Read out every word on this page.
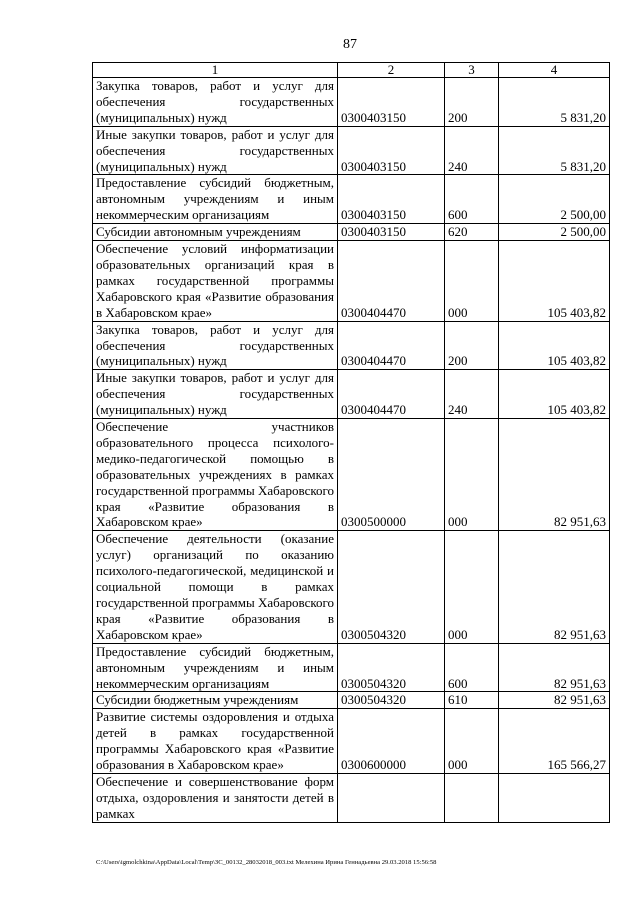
87
1	2	3	4
Закупка товаров, работ и услуг для обеспечения государственных (муниципальных) нужд	0300403150	200	5 831,20
Иные закупки товаров, работ и услуг для обеспечения государственных (муниципальных) нужд	0300403150	240	5 831,20
Предоставление субсидий бюджетным, автономным учреждениям и иным некоммерческим организациям	0300403150	600	2 500,00
Субсидии автономным учреждениям	0300403150	620	2 500,00
Обеспечение условий информатизации образовательных организаций края в рамках государственной программы Хабаровского края «Развитие образования в Хабаровском крае»	0300404470	000	105 403,82
Закупка товаров, работ и услуг для обеспечения государственных (муниципальных) нужд	0300404470	200	105 403,82
Иные закупки товаров, работ и услуг для обеспечения государственных (муниципальных) нужд	0300404470	240	105 403,82
Обеспечение участников образовательного процесса психолого-медико-педагогической помощью в образовательных учреждениях в рамках государственной программы Хабаровского края «Развитие образования в Хабаровском крае»	0300500000	000	82 951,63
Обеспечение деятельности (оказание услуг) организаций по оказанию психолого-педагогической, медицинской и социальной помощи в рамках государственной программы Хабаровского края «Развитие образования в Хабаровском крае»	0300504320	000	82 951,63
Предоставление субсидий бюджетным, автономным учреждениям и иным некоммерческим организациям	0300504320	600	82 951,63
Субсидии бюджетным учреждениям	0300504320	610	82 951,63
Развитие системы оздоровления и отдыха детей в рамках государственной программы Хабаровского края «Развитие образования в Хабаровском крае»	0300600000	000	165 566,27
Обеспечение и совершенствование форм отдыха, оздоровления и занятости детей в рамках			
C:\Users\igmolchkina\AppData\Local\Temp\ЗС_00132_28032018_003.txt Мелехина Ирина Геннадьевна 29.03.2018 15:56:58
